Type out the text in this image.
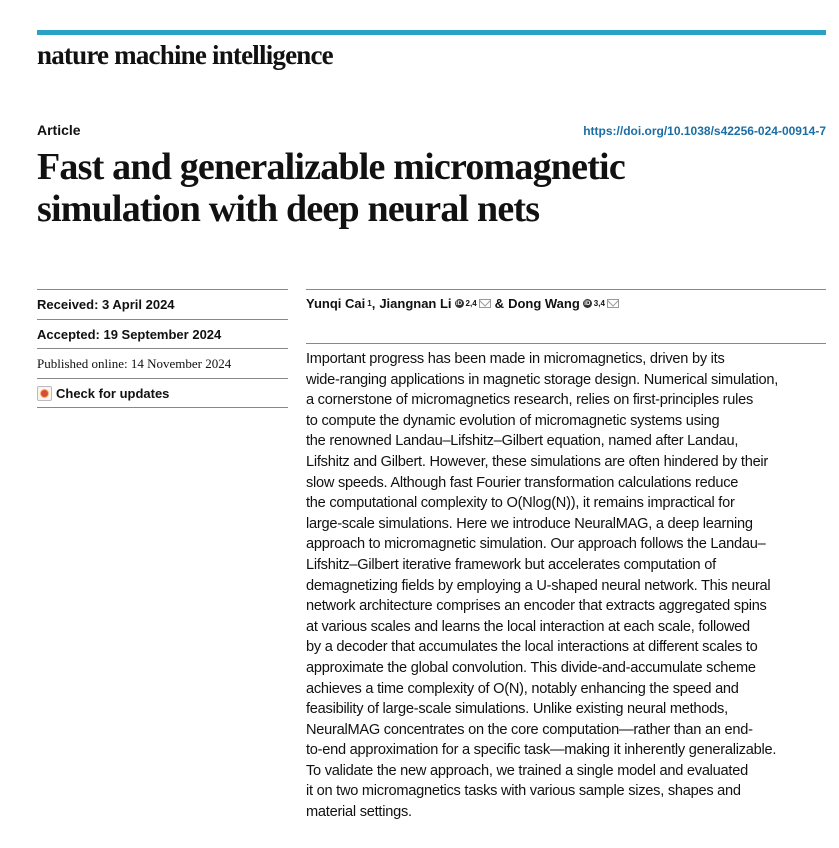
nature machine intelligence
Article	https://doi.org/10.1038/s42256-024-00914-7
Fast and generalizable micromagnetic
simulation with deep neural nets
Received: 3 April 2024
Accepted: 19 September 2024
Published online: 14 November 2024
Check for updates
Yunqi Cai 1 , Jiangnan Li iD 2,4 & Dong Wang iD 3,4
Important progress has been made in micromagnetics, driven by its
wide-ranging applications in magnetic storage design. Numerical simulation,
a cornerstone of micromagnetics research, relies on first-principles rules
to compute the dynamic evolution of micromagnetic systems using
the renowned Landau–Lifshitz–Gilbert equation, named after Landau,
Lifshitz and Gilbert. However, these simulations are often hindered by their
slow speeds. Although fast Fourier transformation calculations reduce
the computational complexity to O(Nlog(N)), it remains impractical for
large-scale simulations. Here we introduce NeuralMAG, a deep learning
approach to micromagnetic simulation. Our approach follows the Landau–
Lifshitz–Gilbert iterative framework but accelerates computation of
demagnetizing fields by employing a U-shaped neural network. This neural
network architecture comprises an encoder that extracts aggregated spins
at various scales and learns the local interaction at each scale, followed
by a decoder that accumulates the local interactions at different scales to
approximate the global convolution. This divide-and-accumulate scheme
achieves a time complexity of O(N), notably enhancing the speed and
feasibility of large-scale simulations. Unlike existing neural methods,
NeuralMAG concentrates on the core computation—rather than an end-
to-end approximation for a specific task—making it inherently generalizable.
To validate the new approach, we trained a single model and evaluated
it on two micromagnetics tasks with various sample sizes, shapes and
material settings.
